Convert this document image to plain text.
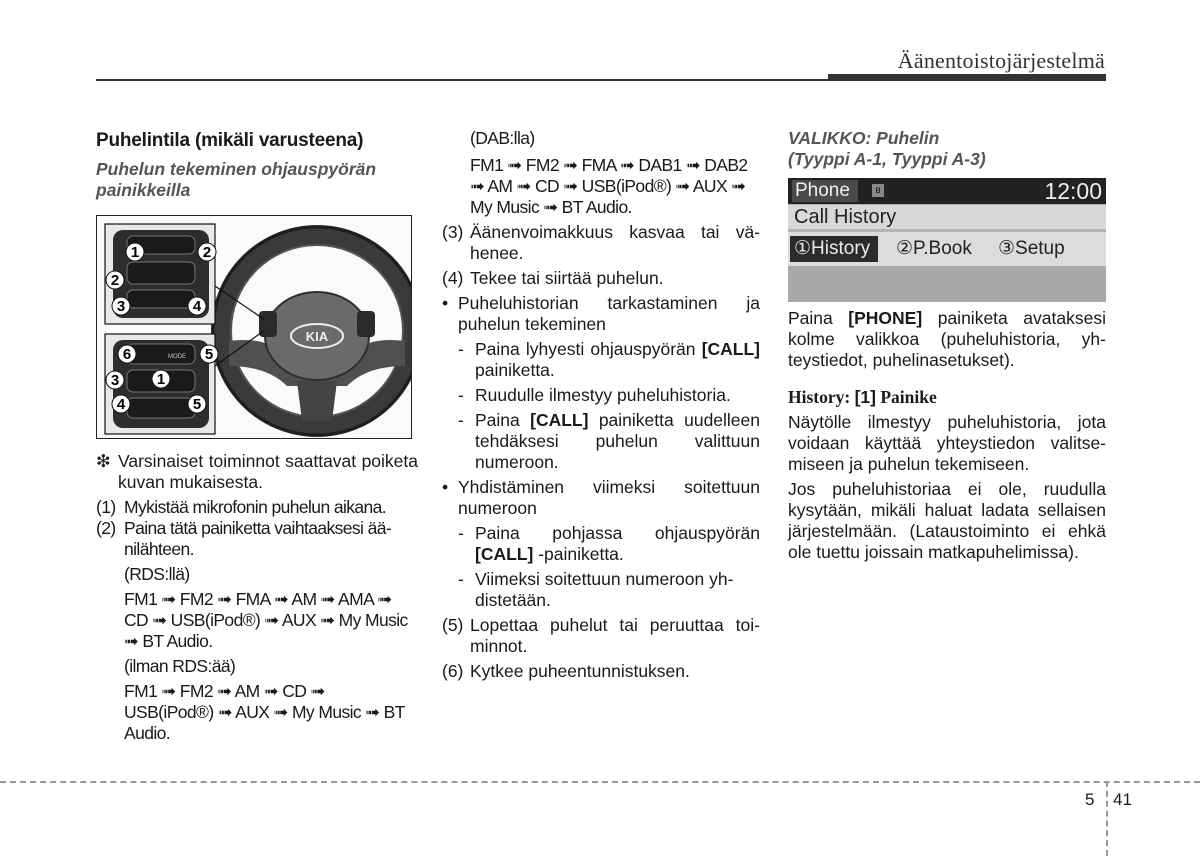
Äänentoistojärjestelmä
Puhelintila (mikäli varusteena)
Puhelun tekeminen ohjauspyörän painikkeilla
KIA
MODE
1	2
2
3	4
6	5
3	1
4	5
❇ Varsinaiset toiminnot saattavat poiketa kuvan mukaisesta.
(1) Mykistää mikrofonin puhelun aikana.
(2) Paina tätä painiketta vaihtaaksesi äänilähteen.

(RDS:llä)

FM1 ➟ FM2 ➟ FMA ➟ AM ➟ AMA ➟ CD ➟ USB(iPod®) ➟ AUX ➟ My Music ➟ BT Audio.

(ilman RDS:ää)

FM1 ➟ FM2 ➟ AM ➟ CD ➟ USB(iPod®) ➟ AUX ➟ My Music ➟ BT Audio.

(DAB:lla)

FM1 ➟ FM2 ➟ FMA ➟ DAB1 ➟ DAB2 ➟ AM ➟ CD ➟ USB(iPod®) ➟ AUX ➟ My Music ➟ BT Audio.

(3) Äänenvoimakkuus kasvaa tai vähenee.
(4) Tekee tai siirtää puhelun.
• Puheluhistorian tarkastaminen ja puhelun tekeminen
- Paina lyhyesti ohjauspyörän [CALL] painiketta.
- Ruudulle ilmestyy puheluhistoria.
- Paina [CALL] painiketta uudelleen tehdäksesi puhelun valittuun numeroon.
• Yhdistäminen viimeksi soitettuun numeroon
- Paina pohjassa ohjauspyörän [CALL] -painiketta.
- Viimeksi soitettuun numeroon yhdistetään.
(5) Lopettaa puhelut tai peruuttaa toiminnot.
(6) Kytkee puheentunnistuksen.
VALIKKO: Puhelin
(Tyyppi A-1, Tyyppi A-3)
Phone	ʙ	12:00
Call History
①History	②P.Book ③Setup

Paina [PHONE] painiketa avataksesi kolme valikkoa (puheluhistoria, yhteystiedot, puhelinasetukset).

History: [1] Painike

Näytölle ilmestyy puheluhistoria, jota voidaan käyttää yhteystiedon valitsemiseen ja puhelun tekemiseen.

Jos puheluhistoriaa ei ole, ruudulla kysytään, mikäli haluat ladata sellaisen järjestelmään. (Lataustoiminto ei ehkä ole tuettu joissain matkapuhelimissa).

5 41
